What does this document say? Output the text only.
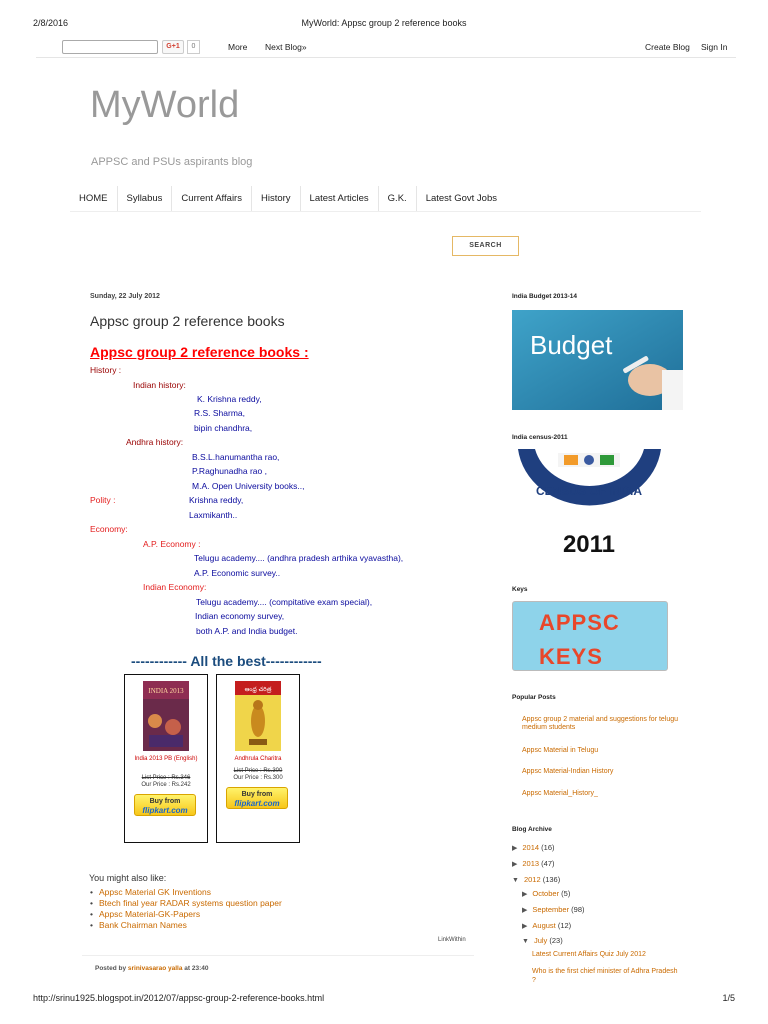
2/8/2016	MyWorld: Appsc group 2 reference books
G+1	0	More Next Blog»	Create Blog Sign In
MyWorld
APPSC and PSUs aspirants blog
HOME	Syllabus	Current Affairs	History	Latest Articles	G.K.	Latest Govt Jobs
SEARCH
Sunday, 22 July 2012
Appsc group 2 reference books
Appsc group 2 reference books :
History :
Indian history:
K. Krishna reddy,
R.S. Sharma,
bipin chandhra,
Andhra history:
B.S.L.hanumantha rao,
P.Raghunadha rao ,
M.A. Open University books..,
Polity :	Krishna reddy,
Laxmikanth..
Economy:
A.P. Economy :
Telugu academy.... (andhra pradesh arthika vyavastha),
A.P. Economic survey..
Indian Economy:
Telugu academy.... (compitative exam special),
Indian economy survey,
both A.P. and India budget.
------------ All the best------------
INDIA 2013
India 2013 PB (English)
List Price : Rs.346
Our Price : Rs.242
Buy from
flipkart.com
ఆంధ్ర చరిత్ర
Andhrula Charitra
List Price : Rs.300
Our Price : Rs.300
Buy from
flipkart.com
You might also like:
• Appsc Material GK Inventions
• Btech final year RADAR systems question paper
• Appsc Material-GK-Papers
• Bank Chairman Names
LinkWithin
Posted by srinivasarao yalla at 23:40
India Budget 2013-14
Budget
India census-2011
CENSUS OF INDIA
2011
Keys
APPSC
KEYS
Popular Posts
Appsc group 2 material and suggestions for telugu medium students
Appsc Material in Telugu
Appsc Material-Indian History
Appsc Material_History_
Blog Archive
▶ 2014 (16)
▶ 2013 (47)
▼ 2012 (136)
▶ October (5)
▶ September (98)
▶ August (12)
▼ July (23)
Latest Current Affairs Quiz July 2012
Who is the first chief minister of Adhra Pradesh ?
http://srinu1925.blogspot.in/2012/07/appsc-group-2-reference-books.html	1/5
